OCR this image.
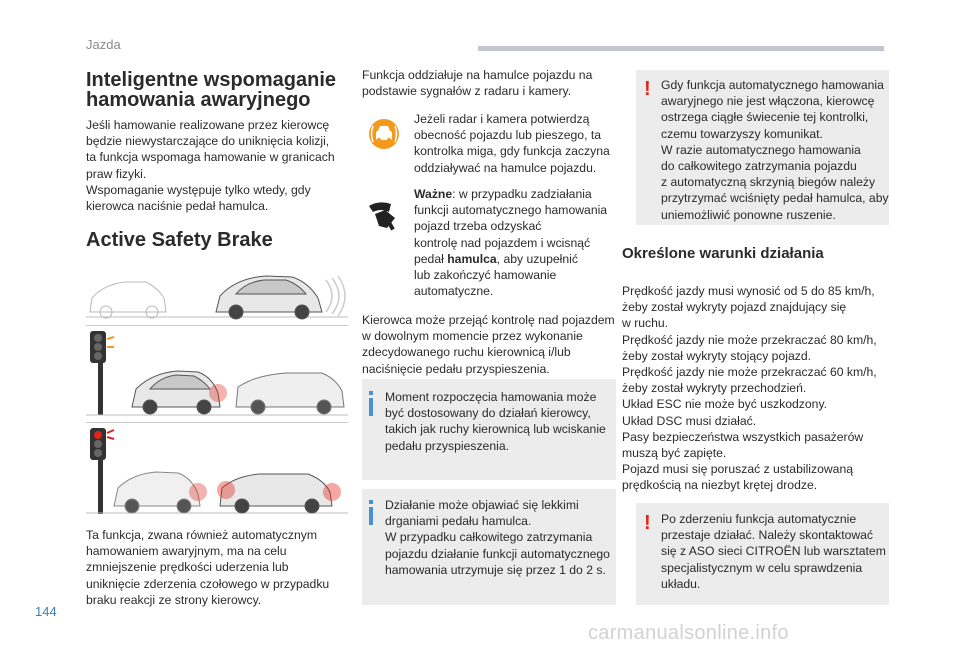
Jazda
Inteligentne wspomaganie
hamowania awaryjnego
Jeśli hamowanie realizowane przez kierowcę
będzie niewystarczające do uniknięcia kolizji,
ta funkcja wspomaga hamowanie w granicach
praw fizyki.
Wspomaganie występuje tylko wtedy, gdy
kierowca naciśnie pedał hamulca.
Active Safety Brake
Ta funkcja, zwana również automatycznym
hamowaniem awaryjnym, ma na celu
zmniejszenie prędkości uderzenia lub
uniknięcie zderzenia czołowego w przypadku
braku reakcji ze strony kierowcy.
Funkcja oddziałuje na hamulce pojazdu na
podstawie sygnałów z radaru i kamery.
Jeżeli radar i kamera potwierdzą
obecność pojazdu lub pieszego, ta
kontrolka miga, gdy funkcja zaczyna
oddziaływać na hamulce pojazdu.
Ważne: w przypadku zadziałania
funkcji automatycznego hamowania
pojazd trzeba odzyskać
kontrolę nad pojazdem i wcisnąć
pedał hamulca, aby uzupełnić
lub zakończyć hamowanie
automatyczne.
Kierowca może przejąć kontrolę nad pojazdem
w dowolnym momencie przez wykonanie
zdecydowanego ruchu kierownicą i/lub
naciśnięcie pedału przyspieszenia.
Moment rozpoczęcia hamowania może
być dostosowany do działań kierowcy,
takich jak ruchy kierownicą lub wciskanie
pedału przyspieszenia.
Działanie może objawiać się lekkimi
drganiami pedału hamulca.
W przypadku całkowitego zatrzymania
pojazdu działanie funkcji automatycznego
hamowania utrzymuje się przez 1 do 2 s.
! Gdy funkcja automatycznego hamowania
awaryjnego nie jest włączona, kierowcę
ostrzega ciągłe świecenie tej kontrolki,
czemu towarzyszy komunikat.
W razie automatycznego hamowania
do całkowitego zatrzymania pojazdu
z automatyczną skrzynią biegów należy
przytrzymać wciśnięty pedał hamulca, aby
uniemożliwić ponowne ruszenie.
Określone warunki działania
Prędkość jazdy musi wynosić od 5 do 85 km/h,
żeby został wykryty pojazd znajdujący się
w ruchu.
Prędkość jazdy nie może przekraczać 80 km/h,
żeby został wykryty stojący pojazd.
Prędkość jazdy nie może przekraczać 60 km/h,
żeby został wykryty przechodzień.
Układ ESC nie może być uszkodzony.
Układ DSC musi działać.
Pasy bezpieczeństwa wszystkich pasażerów
muszą być zapięte.
Pojazd musi się poruszać z ustabilizowaną
prędkością na niezbyt krętej drodze.
! Po zderzeniu funkcja automatycznie
przestaje działać. Należy skontaktować
się z ASO sieci CITROËN lub warsztatem
specjalistycznym w celu sprawdzenia
układu.
144
carmanualsonline.info
